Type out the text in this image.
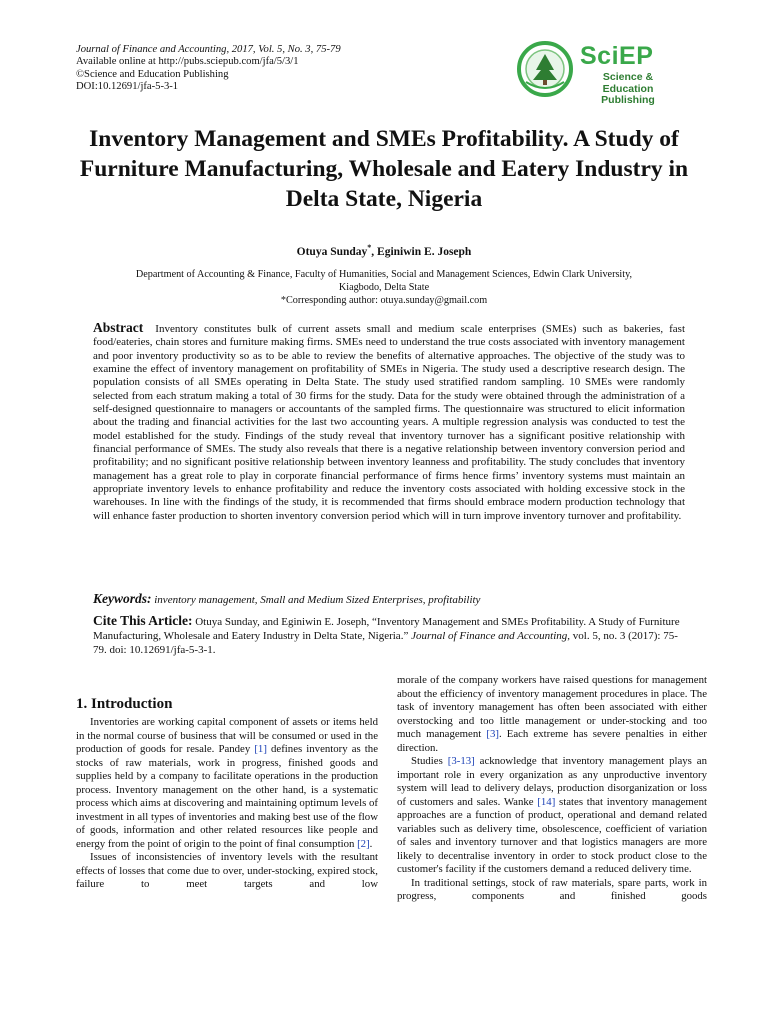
Journal of Finance and Accounting, 2017, Vol. 5, No. 3, 75-79
Available online at http://pubs.sciepub.com/jfa/5/3/1
©Science and Education Publishing
DOI:10.12691/jfa-5-3-1
SciEP
Science & Education
Publishing
Inventory Management and SMEs Profitability. A Study of Furniture Manufacturing, Wholesale and Eatery Industry in Delta State, Nigeria
Otuya Sunday*, Eginiwin E. Joseph
Department of Accounting & Finance, Faculty of Humanities, Social and Management Sciences, Edwin Clark University,
Kiagbodo, Delta State
*Corresponding author: otuya.sunday@gmail.com
Abstract Inventory constitutes bulk of current assets small and medium scale enterprises (SMEs) such as bakeries, fast food/eateries, chain stores and furniture making firms. SMEs need to understand the true costs associated with inventory management and poor inventory productivity so as to be able to review the benefits of alternative approaches. The objective of the study was to examine the effect of inventory management on profitability of SMEs in Nigeria. The study used a descriptive research design. The population consists of all SMEs operating in Delta State. The study used stratified random sampling. 10 SMEs were randomly selected from each stratum making a total of 30 firms for the study. Data for the study were obtained through the administration of a self-designed questionnaire to managers or accountants of the sampled firms. The questionnaire was structured to elicit information about the trading and financial activities for the last two accounting years. A multiple regression analysis was conducted to test the model established for the study. Findings of the study reveal that inventory turnover has a significant positive relationship with financial performance of SMEs. The study also reveals that there is a negative relationship between inventory conversion period and profitability; and no significant positive relationship between inventory leanness and profitability. The study concludes that inventory management has a great role to play in corporate financial performance of firms hence firms’ inventory systems must maintain an appropriate inventory levels to enhance profitability and reduce the inventory costs associated with holding excessive stock in the warehouses. In line with the findings of the study, it is recommended that firms should embrace modern production technology that will enhance faster production to shorten inventory conversion period which will in turn improve inventory turnover and profitability.
Keywords: inventory management, Small and Medium Sized Enterprises, profitability
Cite This Article: Otuya Sunday, and Eginiwin E. Joseph, “Inventory Management and SMEs Profitability. A Study of Furniture Manufacturing, Wholesale and Eatery Industry in Delta State, Nigeria.” Journal of Finance and Accounting, vol. 5, no. 3 (2017): 75-79. doi: 10.12691/jfa-5-3-1.
1. Introduction

Inventories are working capital component of assets or items held in the normal course of business that will be consumed or used in the production of goods for resale. Pandey [1] defines inventory as the stocks of raw materials, work in progress, finished goods and supplies held by a company to facilitate operations in the production process. Inventory management on the other hand, is a systematic process which aims at discovering and maintaining optimum levels of investment in all types of inventories and making best use of the flow of goods, information and other related resources like people and energy from the point of origin to the point of final consumption [2].

Issues of inconsistencies of inventory levels with the resultant effects of losses that come due to over, under-stocking, expired stock, failure to meet targets and low

morale of the company workers have raised questions for management about the efficiency of inventory management procedures in place. The task of inventory management has often been associated with either overstocking and too little management or under-stocking and too much management [3]. Each extreme has severe penalties in either direction.

Studies [3-13] acknowledge that inventory management plays an important role in every organization as any unproductive inventory system will lead to delivery delays, production disorganization or loss of customers and sales. Wanke [14] states that inventory management approaches are a function of product, operational and demand related variables such as delivery time, obsolescence, coefficient of variation of sales and inventory turnover and that logistics managers are more likely to decentralise inventory in order to stock product close to the customer's facility if the customers demand a reduced delivery time.

In traditional settings, stock of raw materials, spare parts, work in progress, components and finished goods
